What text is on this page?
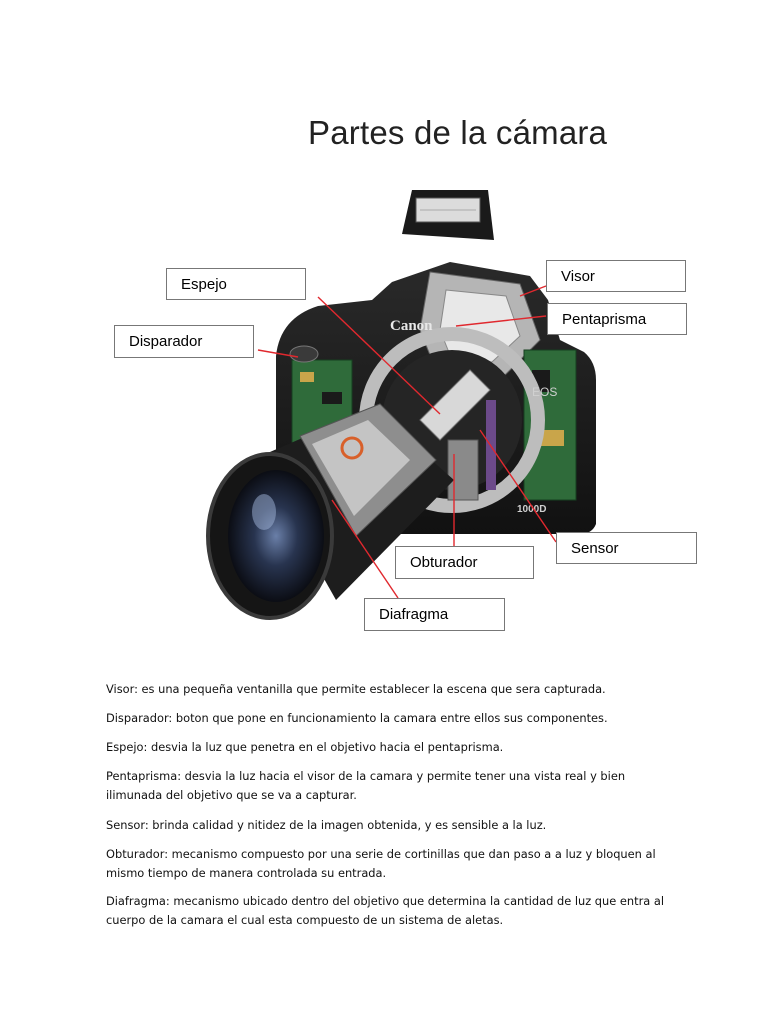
Partes de la cámara
Canon
EOS
1000D
Espejo
Disparador
Visor
Pentaprisma
Sensor
Obturador
Diafragma
Visor: es una pequeña ventanilla que permite establecer la escena que sera capturada.
Disparador: boton que pone en funcionamiento la camara entre ellos sus componentes.
Espejo: desvia la luz que penetra en el objetivo hacia el pentaprisma.
Pentaprisma: desvia la luz hacia el visor de la camara y permite tener una vista real y bien ilimunada del objetivo que se va a capturar.
Sensor: brinda calidad y nitidez de la imagen obtenida, y es sensible a la luz.
Obturador: mecanismo compuesto por una serie de cortinillas que dan paso a a luz y bloquen al mismo tiempo de manera controlada su entrada.
Diafragma: mecanismo ubicado dentro del objetivo que determina la cantidad de luz que entra al cuerpo de la camara el cual esta compuesto de un sistema de aletas.
